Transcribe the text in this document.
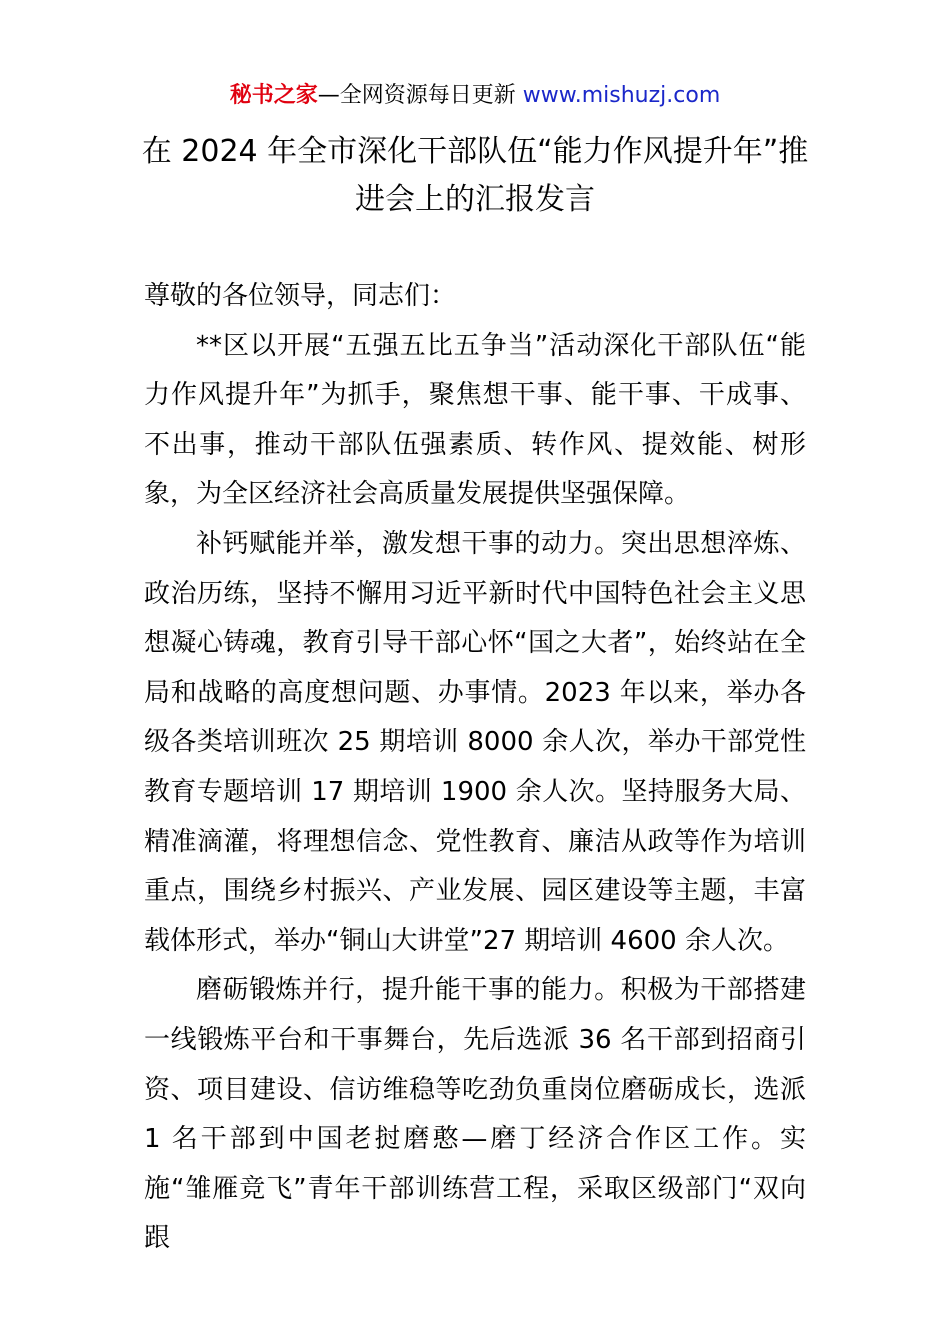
秘书之家—全网资源每日更新 www.mishuzj.com
在 2024 年全市深化干部队伍“能力作风提升年”推进会上的汇报发言

尊敬的各位领导，同志们：

**区以开展“五强五比五争当”活动深化干部队伍“能力作风提升年”为抓手，聚焦想干事、能干事、干成事、不出事，推动干部队伍强素质、转作风、提效能、树形象，为全区经济社会高质量发展提供坚强保障。

补钙赋能并举，激发想干事的动力。突出思想淬炼、政治历练，坚持不懈用习近平新时代中国特色社会主义思想凝心铸魂，教育引导干部心怀“国之大者”，始终站在全局和战略的高度想问题、办事情。2023 年以来，举办各级各类培训班次 25 期培训 8000 余人次，举办干部党性教育专题培训 17 期培训 1900 余人次。坚持服务大局、精准滴灌，将理想信念、党性教育、廉洁从政等作为培训重点，围绕乡村振兴、产业发展、园区建设等主题，丰富载体形式，举办“铜山大讲堂”27 期培训 4600 余人次。

磨砺锻炼并行，提升能干事的能力。积极为干部搭建一线锻炼平台和干事舞台，先后选派 36 名干部到招商引资、项目建设、信访维稳等吃劲负重岗位磨砺成长，选派 1 名干部到中国老挝磨憨—磨丁经济合作区工作。实施“雏雁竞飞”青年干部训练营工程，采取区级部门“双向跟
